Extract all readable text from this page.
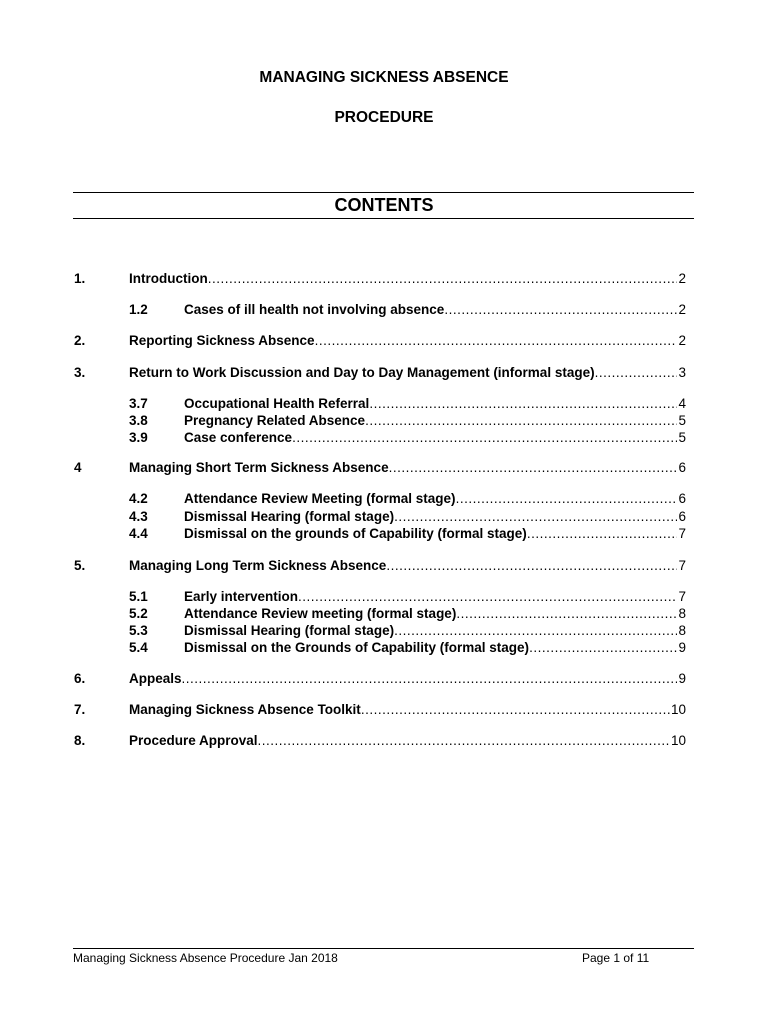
MANAGING SICKNESS ABSENCE
PROCEDURE
CONTENTS
1.	Introduction .....	2
1.2	Cases of ill health not involving absence .....	2
2.	Reporting Sickness Absence .....	2
3.	Return to Work Discussion and Day to Day Management (informal stage) .....	3
3.7	Occupational Health Referral .....	4
3.8	Pregnancy Related Absence .....	5
3.9	Case conference .....	5
4	Managing Short Term Sickness Absence .....	6
4.2	Attendance Review Meeting (formal stage) .....	6
4.3	Dismissal Hearing (formal stage) .....	6
4.4	Dismissal on the grounds of Capability (formal stage) .....	7
5.	Managing Long Term Sickness Absence .....	7
5.1	Early intervention .....	7
5.2	Attendance Review meeting (formal stage) .....	8
5.3	Dismissal Hearing (formal stage) .....	8
5.4	Dismissal on the Grounds of Capability (formal stage) .....	9
6.	Appeals .....	9
7.	Managing Sickness Absence Toolkit .....	10
8.	Procedure Approval .....	10
Managing Sickness Absence Procedure Jan 2018	Page 1 of 11
